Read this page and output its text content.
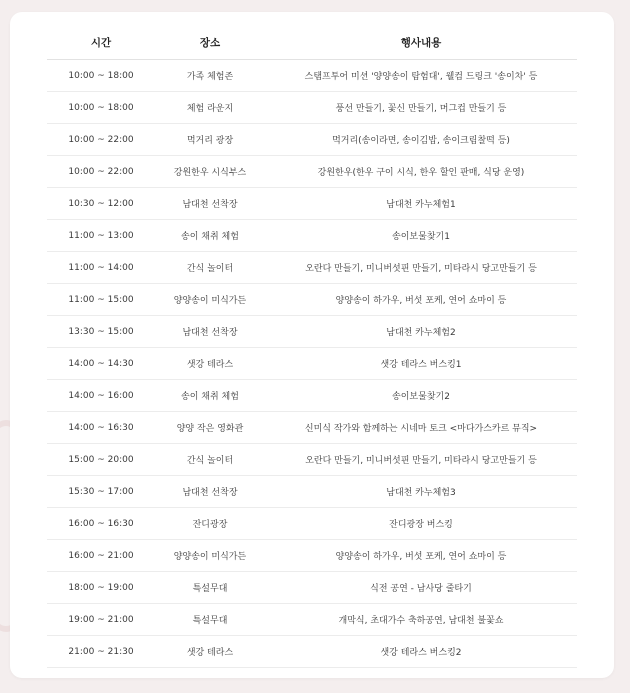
시간	장소	행사내용
10:00 ~ 18:00	가족 체험존	스탬프투어 미션 '양양송이 탐험대', 웰컴 드링크 '송이차' 등
10:00 ~ 18:00	체험 라운지	풍선 만들기, 꽃신 만들기, 머그컵 만들기 등
10:00 ~ 22:00	먹거리 광장	먹거리(송이라면, 송이김밥, 송이크림찰떡 등)
10:00 ~ 22:00	강원한우 시식부스	강원한우(한우 구이 시식, 한우 할인 판매, 식당 운영)
10:30 ~ 12:00	남대천 선착장	남대천 카누체험1
11:00 ~ 13:00	송이 채취 체험	송이보물찾기1
11:00 ~ 14:00	간식 놀이터	오란다 만들기, 미니버섯핀 만들기, 미타라시 당고만들기 등
11:00 ~ 15:00	양양송이 미식가든	양양송이 하가우, 버섯 포케, 연어 쇼마이 등
13:30 ~ 15:00	남대천 선착장	남대천 카누체험2
14:00 ~ 14:30	샛강 테라스	샛강 테라스 버스킹1
14:00 ~ 16:00	송이 채취 체험	송이보물찾기2
14:00 ~ 16:30	양양 작은 영화관	신미식 작가와 함께하는 시네마 토크 <마다가스카르 뮤직>
15:00 ~ 20:00	간식 놀이터	오란다 만들기, 미니버섯핀 만들기, 미타라시 당고만들기 등
15:30 ~ 17:00	남대천 선착장	남대천 카누체험3
16:00 ~ 16:30	잔디광장	잔디광장 버스킹
16:00 ~ 21:00	양양송이 미식가든	양양송이 하가우, 버섯 포케, 연어 쇼마이 등
18:00 ~ 19:00	특설무대	식전 공연 - 남사당 줄타기
19:00 ~ 21:00	특설무대	개막식, 초대가수 축하공연, 남대천 불꽃쇼
21:00 ~ 21:30	샛강 테라스	샛강 테라스 버스킹2
